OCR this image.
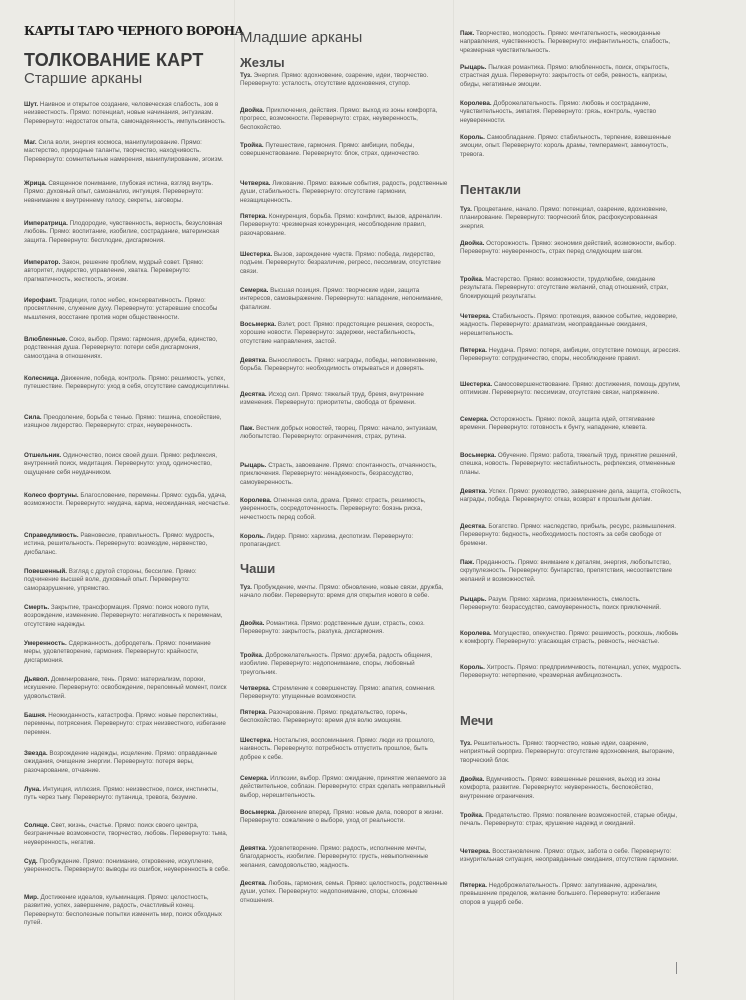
КАРТЫ ТАРО ЧЕРНОГО ВОРОНА
ТОЛКОВАНИЕ КАРТ
Старшие арканы
Шут. Наивное и открытое создание, человеческая слабость, зов в неизвестность. Прямо: потенциал, новые начинания, энтузиазм. Перевернуто: недостаток опыта, самонадеянность, импульсивность.
Маг. Сила воли, энергия космоса, манипулирование. Прямо: мастерство, природные таланты, творчество, находчивость. Перевернуто: сомнительные намерения, манипулирование, эгоизм.
Жрица. Священное понимание, глубокая истина, взгляд внутрь. Прямо: духовный опыт, самоанализ, интуиция. Перевернуто: невнимание к внутреннему голосу, секреты, заговоры.
Императрица. Плодородие, чувственность, верность, безусловная любовь. Прямо: воспитание, изобилие, сострадание, материнская защита. Перевернуто: бесплодие, дисгармония.
Император. Закон, решение проблем, мудрый совет. Прямо: авторитет, лидерство, управление, хватка. Перевернуто: прагматичность, жесткость, эгоизм.
Иерофант. Традиции, голос небес, консервативность. Прямо: просветление, служение духу. Перевернуто: устаревшие способы мышления, восстание против норм общественности.
Влюбленные. Союз, выбор. Прямо: гармония, дружба, единство, родственная душа. Перевернуто: потери себя дисгармония, самоотдача в отношениях.
Колесница. Движение, победа, контроль. Прямо: решимость, успех, путешествие. Перевернуто: уход в себя, отсутствие самодисциплины.
Сила. Преодоление, борьба с тенью. Прямо: тишина, спокойствие, изящное лидерство. Перевернуто: страх, неуверенность.
Отшельник. Одиночество, поиск своей души. Прямо: рефлексия, внутренний поиск, медитация. Перевернуто: уход, одиночество, ощущение себя неудачником.
Колесо фортуны. Благословение, перемены. Прямо: судьба, удача, возможности. Перевернуто: неудача, карма, неожиданная, несчастье.
Справедливость. Равновесие, правильность. Прямо: мудрость, истина, решительность. Перевернуто: возмездие, нервенство, дисбаланс.
Повешенный. Взгляд с другой стороны, бессилие. Прямо: подчинение высшей воле, духовный опыт. Перевернуто: саморазрушение, упрямство.
Смерть. Закрытие, трансформация. Прямо: поиск нового пути, возрождение, изменение. Перевернуто: негативность к переменам, отсутствие надежды.
Умеренность. Сдержанность, добродетель. Прямо: понимание меры, удовлетворение, гармония. Перевернуто: крайности, дисгармония.
Дьявол. Доминирование, тень. Прямо: материализм, пороки, искушение. Перевернуто: освобождение, переломный момент, поиск удовольствий.
Башня. Неожиданность, катастрофа. Прямо: новые перспективы, перемены, потрясения. Перевернуто: страх неизвестного, избегание перемен.
Звезда. Возрождение надежды, исцеление. Прямо: оправданные ожидания, очищение энергии. Перевернуто: потеря веры, разочарование, отчаяние.
Луна. Интуиция, иллюзия. Прямо: неизвестное, поиск, инстинкты, путь через тьму. Перевернуто: путаница, тревога, безумие.
Солнце. Свет, жизнь, счастье. Прямо: поиск своего центра, безграничные возможности, творчество, любовь. Перевернуто: тьма, неуверенность, негатив.
Суд. Пробуждение. Прямо: понимание, откровение, искупление, уверенность. Перевернуто: выводы из ошибок, неуверенность в себе.
Мир. Достижение идеалов, кульминация. Прямо: целостность, развитие, успех, завершение, радость, счастливый конец. Перевернуто: бесполезные попытки изменить мир, поиск обходных путей.
Младшие арканы
Жезлы
Туз. Энергия. Прямо: вдохновение, озарение, идеи, творчество. Перевернуто: усталость, отсутствие вдохновения, ступор.
Двойка. Приключения, действия. Прямо: выход из зоны комфорта, прогресс, возможности. Перевернуто: страх, неуверенность, беспокойство.
Тройка. Путешествие, гармония. Прямо: амбиции, победы, совершенствование. Перевернуто: блок, страх, одиночество.
Четверка. Ликование. Прямо: важные события, радость, родственные души, стабильность. Перевернуто: отсутствие гармонии, незащищенность.
Пятерка. Конкуренция, борьба. Прямо: конфликт, вызов, адреналин. Перевернуто: чрезмерная конкуренция, несоблюдение правил, разочарование.
Шестерка. Вызов, зарождение чувств. Прямо: победа, лидерство, подъем. Перевернуто: безразличие, регресс, пессимизм, отсутствие связи.
Семерка. Высшая позиция. Прямо: творческие идеи, защита интересов, самовыражение. Перевернуто: нападение, непонимание, фатализм.
Восьмерка. Взлет, рост. Прямо: предстоящие решения, скорость, хорошие новости. Перевернуто: задержки, нестабильность, отсутствие направления, застой.
Девятка. Выносливость. Прямо: награды, победы, неповиновение, борьба. Перевернуто: необходимость открываться и доверять.
Десятка. Исход сил. Прямо: тяжелый труд, бремя, внутренние изменения. Перевернуто: приоритеты, свобода от бремени.
Паж. Вестник добрых новостей, творец. Прямо: начало, энтузиазм, любопытство. Перевернуто: ограничения, страх, рутина.
Рыцарь. Страсть, завоевание. Прямо: спонтанность, отчаянность, приключения. Перевернуто: ненадежность, безрассудство, самоуверенность.
Королева. Огненная сила, драма. Прямо: страсть, решимость, уверенность, сосредоточенность. Перевернуто: боязнь риска, нечестность перед собой.
Король. Лидер. Прямо: харизма, деспотизм. Перевернуто: пропагандист.
Чаши
Туз. Пробуждение, мечты. Прямо: обновление, новые связи, дружба, начало любви. Перевернуто: время для открытия нового в себе.
Двойка. Романтика. Прямо: родственные души, страсть, союз. Перевернуто: закрытость, разлука, дисгармония.
Тройка. Доброжелательность. Прямо: дружба, радость общения, изобилие. Перевернуто: недопонимание, споры, любовный треугольник.
Четверка. Стремление к совершенству. Прямо: апатия, сомнения. Перевернуто: упущенные возможности.
Пятерка. Разочарование. Прямо: предательство, горечь, беспокойство. Перевернуто: время для волю эмоциям.
Шестерка. Ностальгия, воспоминания. Прямо: люди из прошлого, наивность. Перевернуто: потребность отпустить прошлое, быть добрее к себе.
Семерка. Иллюзии, выбор. Прямо: ожидание, принятие желаемого за действительное, соблазн. Перевернуто: страх сделать неправильный выбор, нерешительность.
Восьмерка. Движение вперед. Прямо: новые дела, поворот в жизни. Перевернуто: сожаление о выборе, уход от реальности.
Девятка. Удовлетворение. Прямо: радость, исполнение мечты, благодарность, изобилие. Перевернуто: грусть, невыполненные желания, самодовольство, жадность.
Десятка. Любовь, гармония, семья. Прямо: целостность, родственные души, успех. Перевернуто: недопонимание, споры, сложные отношения.
Паж. Творчество, молодость. Прямо: мечтательность, неожиданные направления, чувственность. Перевернуто: инфантильность, слабость, чрезмерная чувствительность.
Рыцарь. Пылкая романтика. Прямо: влюбленность, поиск, открытость, страстная душа. Перевернуто: закрытость от себя, ревность, капризы, обиды, негативные эмоции.
Королева. Доброжелательность. Прямо: любовь и сострадание, чувствительность, эмпатия. Перевернуто: грязь, контроль, чувство неуверенности.
Король. Самообладание. Прямо: стабильность, терпение, взвешенные эмоции, опыт. Перевернуто: король драмы, темперамент, замкнутость, тревога.
Пентакли
Туз. Процветание, начало. Прямо: потенциал, озарение, вдохновение, планирование. Перевернуто: творческий блок, расфокусированная энергия.
Двойка. Осторожность. Прямо: экономия действий, возможности, выбор. Перевернуто: неуверенность, страх перед следующим шагом.
Тройка. Мастерство. Прямо: возможности, трудолюбие, ожидание результата. Перевернуто: отсутствие желаний, спад отношений, страх, блокирующий результаты.
Четверка. Стабильность. Прямо: протекция, важное событие, недоверие, жадность. Перевернуто: драматизм, неоправданные ожидания, нерешительность.
Пятерка. Неудача. Прямо: потеря, амбиции, отсутствие помощи, агрессия. Перевернуто: сотрудничество, споры, несоблюдение правил.
Шестерка. Самосовершенствование. Прямо: достижения, помощь другим, оптимизм. Перевернуто: пессимизм, отсутствие связи, напряжение.
Семерка. Осторожность. Прямо: покой, защита идей, оттягивание времени. Перевернуто: готовность к бунту, нападение, клевета.
Восьмерка. Обучение. Прямо: работа, тяжелый труд, принятие решений, спешка, новость. Перевернуто: нестабильность, рефлексия, отмененные планы.
Девятка. Успех. Прямо: руководство, завершение дела, защита, стойкость, награды, победа. Перевернуто: отказ, возврат к прошлым делам.
Десятка. Богатство. Прямо: наследство, прибыль, ресурс, размышления. Перевернуто: бедность, необходимость постоять за себя свободе от бремени.
Паж. Преданность. Прямо: внимание к деталям, энергия, любопытство, скрупулезность. Перевернуто: бунтарство, препятствия, несоответствие желаний и возможностей.
Рыцарь. Разум. Прямо: харизма, приземленность, смелость. Перевернуто: безрассудство, самоуверенность, поиск приключений.
Королева. Могущество, опекунство. Прямо: решимость, роскошь, любовь к комфорту. Перевернуто: угасающая страсть, ревность, несчастье.
Король. Хитрость. Прямо: предприимчивость, потенциал, успех, мудрость. Перевернуто: нетерпение, чрезмерная амбициозность.
Мечи
Туз. Решительность. Прямо: творчество, новые идеи, озарение, неприятный сюрприз. Перевернуто: отсутствие вдохновения, выгорание, творческий блок.
Двойка. Вдумчивость. Прямо: взвешенные решения, выход из зоны комфорта, развитие. Перевернуто: неуверенность, беспокойство, внутренние ограничения.
Тройка. Предательство. Прямо: появление возможностей, старые обиды, печаль. Перевернуто: страх, крушение надежд и ожиданий.
Четверка. Восстановление. Прямо: отдых, забота о себе. Перевернуто: изнурительная ситуация, неоправданные ожидания, отсутствие гармонии.
Пятерка. Недоброжелательность. Прямо: запугивание, адреналин, превышение пределов, желание большего. Перевернуто: избегание споров в ущерб себе.
